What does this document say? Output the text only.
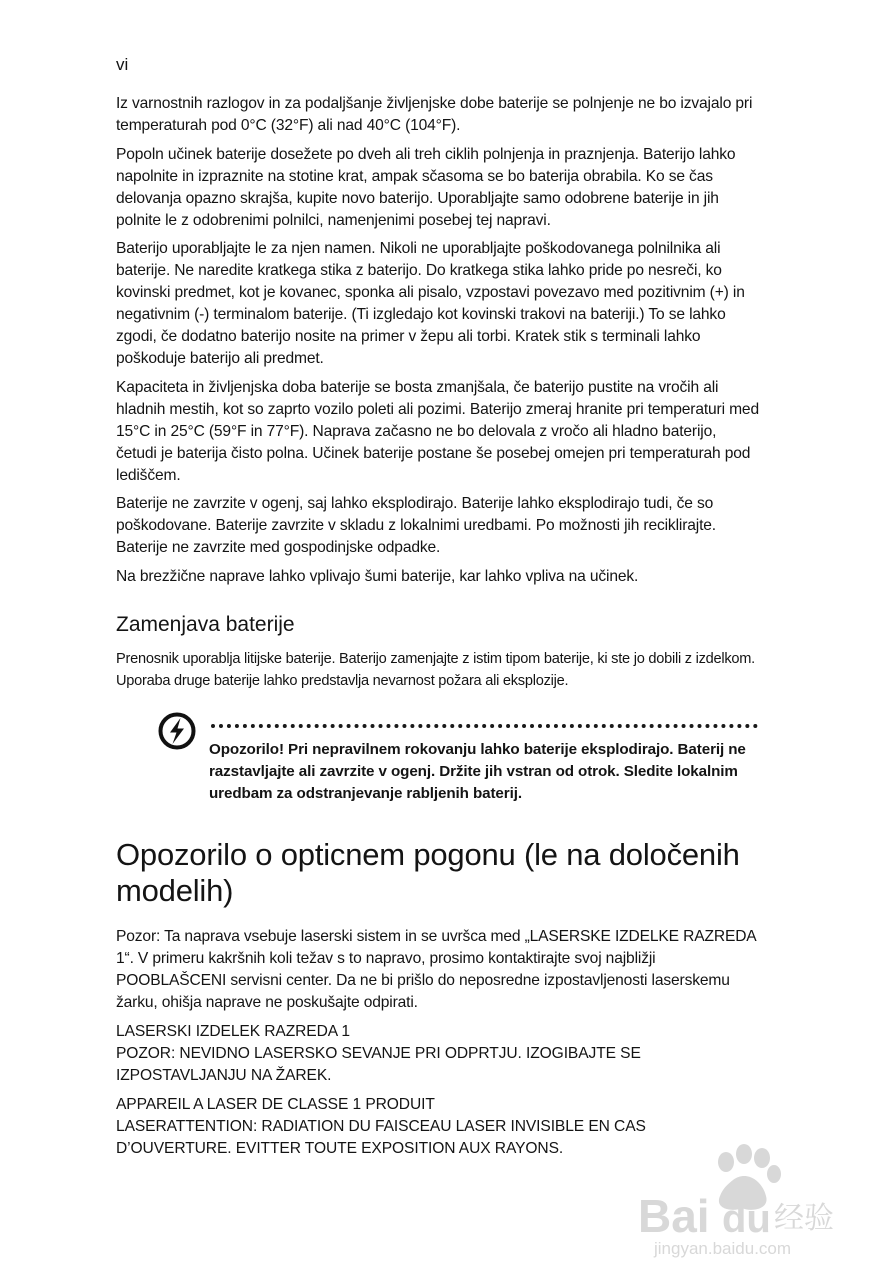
vi

Iz varnostnih razlogov in za podaljšanje življenjske dobe baterije se polnjenje ne bo izvajalo pri temperaturah pod 0°C (32°F) ali nad 40°C (104°F).

Popoln učinek baterije dosežete po dveh ali treh ciklih polnjenja in praznjenja. Baterijo lahko napolnite in izpraznite na stotine krat, ampak sčasoma se bo baterija obrabila. Ko se čas delovanja opazno skrajša, kupite novo baterijo. Uporabljajte samo odobrene baterije in jih polnite le z odobrenimi polnilci, namenjenimi posebej tej napravi.

Baterijo uporabljajte le za njen namen. Nikoli ne uporabljajte poškodovanega polnilnika ali baterije. Ne naredite kratkega stika z baterijo. Do kratkega stika lahko pride po nesreči, ko kovinski predmet, kot je kovanec, sponka ali pisalo, vzpostavi povezavo med pozitivnim (+) in negativnim (-) terminalom baterije. (Ti izgledajo kot kovinski trakovi na bateriji.) To se lahko zgodi, če dodatno baterijo nosite na primer v žepu ali torbi. Kratek stik s terminali lahko poškoduje baterijo ali predmet.

Kapaciteta in življenjska doba baterije se bosta zmanjšala, če baterijo pustite na vročih ali hladnih mestih, kot so zaprto vozilo poleti ali pozimi. Baterijo zmeraj hranite pri temperaturi med 15°C in 25°C (59°F in 77°F). Naprava začasno ne bo delovala z vročo ali hladno baterijo, četudi je baterija čisto polna. Učinek baterije postane še posebej omejen pri temperaturah pod lediščem.

Baterije ne zavrzite v ogenj, saj lahko eksplodirajo. Baterije lahko eksplodirajo tudi, če so poškodovane. Baterije zavrzite v skladu z lokalnimi uredbami. Po možnosti jih reciklirajte. Baterije ne zavrzite med gospodinjske odpadke.

Na brezžične naprave lahko vplivajo šumi baterije, kar lahko vpliva na učinek.

Zamenjava baterije

Prenosnik uporablja litijske baterije. Baterijo zamenjajte z istim tipom baterije, ki ste jo dobili z izdelkom. Uporaba druge baterije lahko predstavlja nevarnost požara ali eksplozije.

Opozorilo! Pri nepravilnem rokovanju lahko baterije eksplodirajo. Baterij ne razstavljajte ali zavrzite v ogenj. Držite jih vstran od otrok. Sledite lokalnim uredbam za odstranjevanje rabljenih baterij.
Opozorilo o opticnem pogonu (le na določenih modelih)

Pozor: Ta naprava vsebuje laserski sistem in se uvršca med „LASERSKE IZDELKE RAZREDA 1“. V primeru kakršnih koli težav s to napravo, prosimo kontaktirajte svoj najbližji POOBLAŠCENI servisni center. Da ne bi prišlo do neposredne izpostavljenosti laserskemu žarku, ohišja naprave ne poskušajte odpirati.

LASERSKI IZDELEK RAZREDA 1
POZOR: NEVIDNO LASERSKO SEVANJE PRI ODPRTJU. IZOGIBAJTE SE IZPOSTAVLJANJU NA ŽAREK.
APPAREIL A LASER DE CLASSE 1 PRODUIT
LASERATTENTION: RADIATION DU FAISCEAU LASER INVISIBLE EN CAS D’OUVERTURE. EVITTER TOUTE EXPOSITION AUX RAYONS.
Bai du 经验
jingyan.baidu.com
